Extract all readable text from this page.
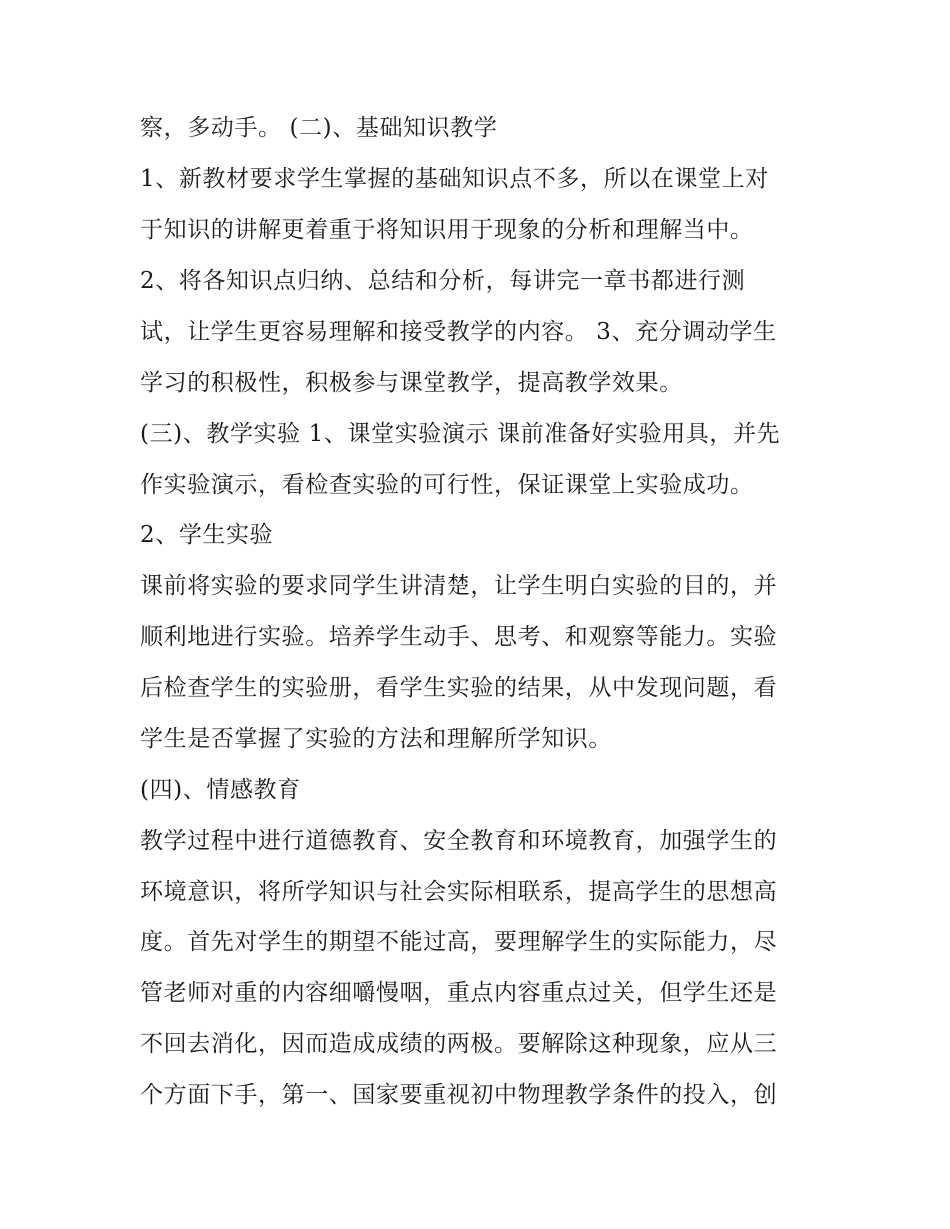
察，多动手。 (二)、基础知识教学
1、新教材要求学生掌握的基础知识点不多，所以在课堂上对
于知识的讲解更着重于将知识用于现象的分析和理解当中。
2、将各知识点归纳、总结和分析，每讲完一章书都进行测
试，让学生更容易理解和接受教学的内容。 3、充分调动学生
学习的积极性，积极参与课堂教学，提高教学效果。
(三)、教学实验 1、课堂实验演示 课前准备好实验用具，并先
作实验演示，看检查实验的可行性，保证课堂上实验成功。
2、学生实验
课前将实验的要求同学生讲清楚，让学生明白实验的目的，并
顺利地进行实验。培养学生动手、思考、和观察等能力。实验
后检查学生的实验册，看学生实验的结果，从中发现问题，看
学生是否掌握了实验的方法和理解所学知识。
(四)、情感教育
教学过程中进行道德教育、安全教育和环境教育，加强学生的
环境意识，将所学知识与社会实际相联系，提高学生的思想高
度。首先对学生的期望不能过高，要理解学生的实际能力，尽
管老师对重的内容细嚼慢咽，重点内容重点过关，但学生还是
不回去消化，因而造成成绩的两极。要解除这种现象，应从三
个方面下手，第一、国家要重视初中物理教学条件的投入，创
